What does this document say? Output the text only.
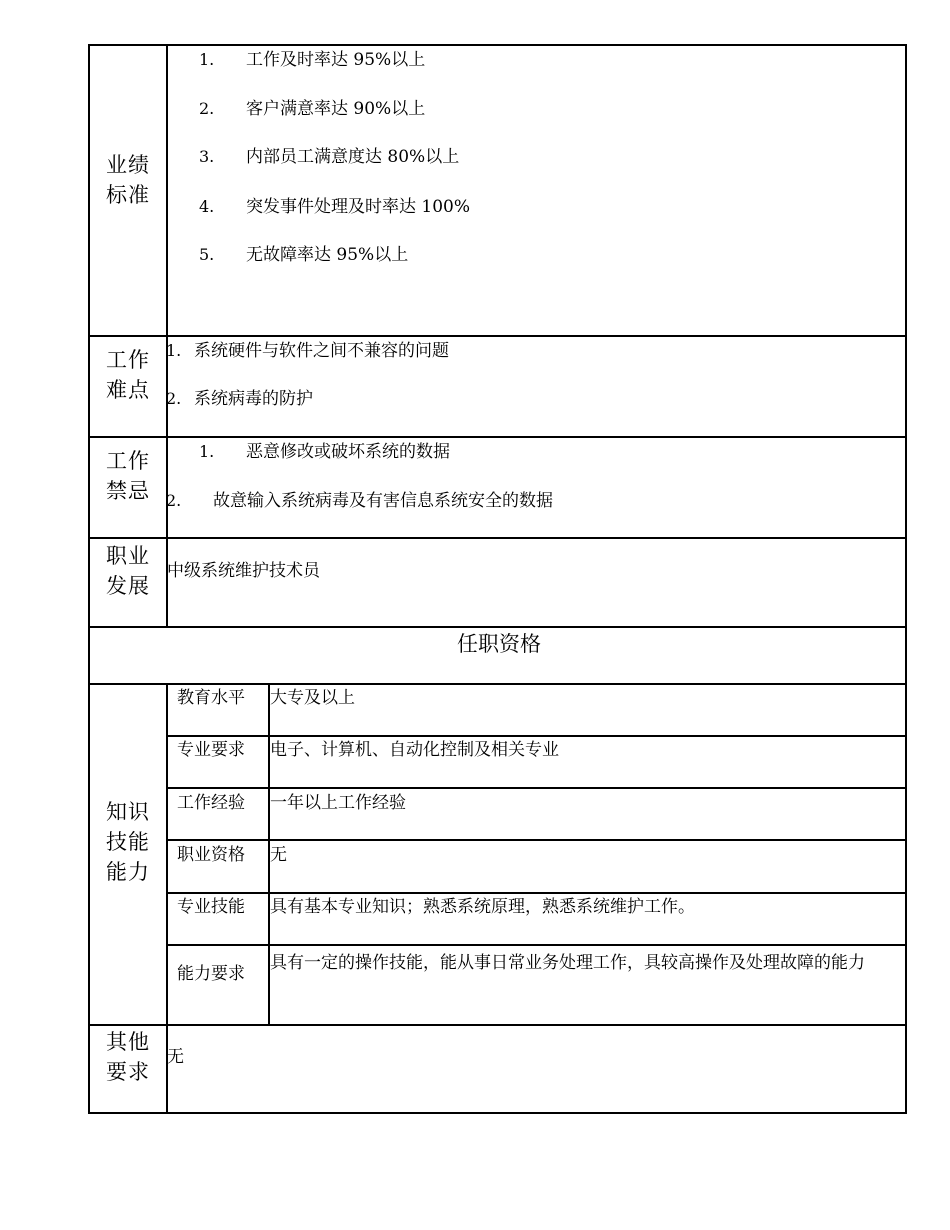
业绩
标准
1. 工作及时率达 95%以上
2. 客户满意率达 90%以上
3. 内部员工满意度达 80%以上
4. 突发事件处理及时率达 100%
5. 无故障率达 95%以上
工作
难点
1. 系统硬件与软件之间不兼容的问题
2. 系统病毒的防护
工作
禁忌
1. 恶意修改或破坏系统的数据
2. 故意输入系统病毒及有害信息系统安全的数据
职业
发展
中级系统维护技术员
任职资格
知识
技能
能力
教育水平 大专及以上
专业要求 电子、计算机、自动化控制及相关专业
工作经验 一年以上工作经验
职业资格 无
专业技能 具有基本专业知识；熟悉系统原理，熟悉系统维护工作。
能力要求
具有一定的操作技能，能从事日常业务处理工作，具较高操作及处理故障的能力
其他
要求
无
